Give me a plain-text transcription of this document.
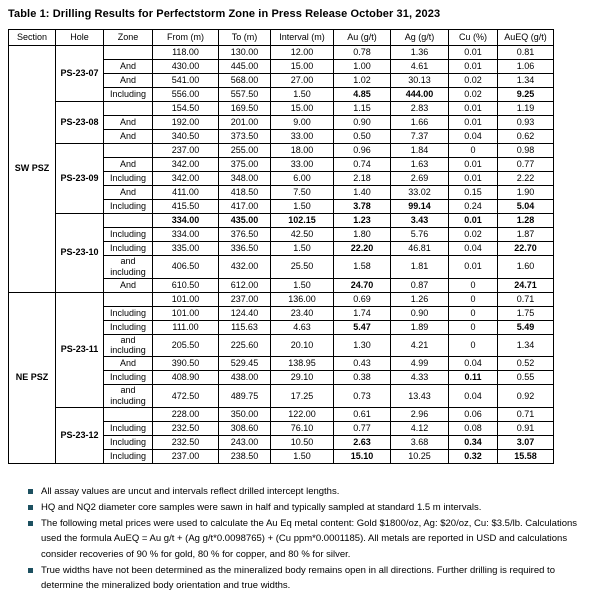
Table 1: Drilling Results for Perfectstorm Zone in Press Release October 31, 2023
Section	Hole	Zone	From (m)	To (m)	Interval (m)	Au (g/t)	Ag (g/t)	Cu (%)	AuEQ (g/t)
SW PSZ	PS-23-07		118.00	130.00	12.00	0.78	1.36	0.01	0.81
		And	430.00	445.00	15.00	1.00	4.61	0.01	1.06
		And	541.00	568.00	27.00	1.02	30.13	0.02	1.34
		Including	556.00	557.50	1.50	4.85	444.00	0.02	9.25
	PS-23-08		154.50	169.50	15.00	1.15	2.83	0.01	1.19
		And	192.00	201.00	9.00	0.90	1.66	0.01	0.93
		And	340.50	373.50	33.00	0.50	7.37	0.04	0.62
	PS-23-09		237.00	255.00	18.00	0.96	1.84	0	0.98
		And	342.00	375.00	33.00	0.74	1.63	0.01	0.77
		Including	342.00	348.00	6.00	2.18	2.69	0.01	2.22
		And	411.00	418.50	7.50	1.40	33.02	0.15	1.90
		Including	415.50	417.00	1.50	3.78	99.14	0.24	5.04
	PS-23-10		334.00	435.00	102.15	1.23	3.43	0.01	1.28
		Including	334.00	376.50	42.50	1.80	5.76	0.02	1.87
		Including	335.00	336.50	1.50	22.20	46.81	0.04	22.70
		and including	406.50	432.00	25.50	1.58	1.81	0.01	1.60
		And	610.50	612.00	1.50	24.70	0.87	0	24.71
NE PSZ	PS-23-11		101.00	237.00	136.00	0.69	1.26	0	0.71
		Including	101.00	124.40	23.40	1.74	0.90	0	1.75
		Including	111.00	115.63	4.63	5.47	1.89	0	5.49
		and including	205.50	225.60	20.10	1.30	4.21	0	1.34
		And	390.50	529.45	138.95	0.43	4.99	0.04	0.52
		Including	408.90	438.00	29.10	0.38	4.33	0.11	0.55
		and including	472.50	489.75	17.25	0.73	13.43	0.04	0.92
	PS-23-12		228.00	350.00	122.00	0.61	2.96	0.06	0.71
		Including	232.50	308.60	76.10	0.77	4.12	0.08	0.91
		Including	232.50	243.00	10.50	2.63	3.68	0.34	3.07
		Including	237.00	238.50	1.50	15.10	10.25	0.32	15.58
All assay values are uncut and intervals reflect drilled intercept lengths.
HQ and NQ2 diameter core samples were sawn in half and typically sampled at standard 1.5 m intervals.
The following metal prices were used to calculate the Au Eq metal content: Gold $1800/oz, Ag: $20/oz, Cu: $3.5/lb. Calculations used the formula AuEQ = Au g/t + (Ag g/t*0.0098765) + (Cu ppm*0.0001185). All metals are reported in USD and calculations consider recoveries of 90 % for gold, 80 % for copper, and 80 % for silver.
True widths have not been determined as the mineralized body remains open in all directions. Further drilling is required to determine the mineralized body orientation and true widths.
